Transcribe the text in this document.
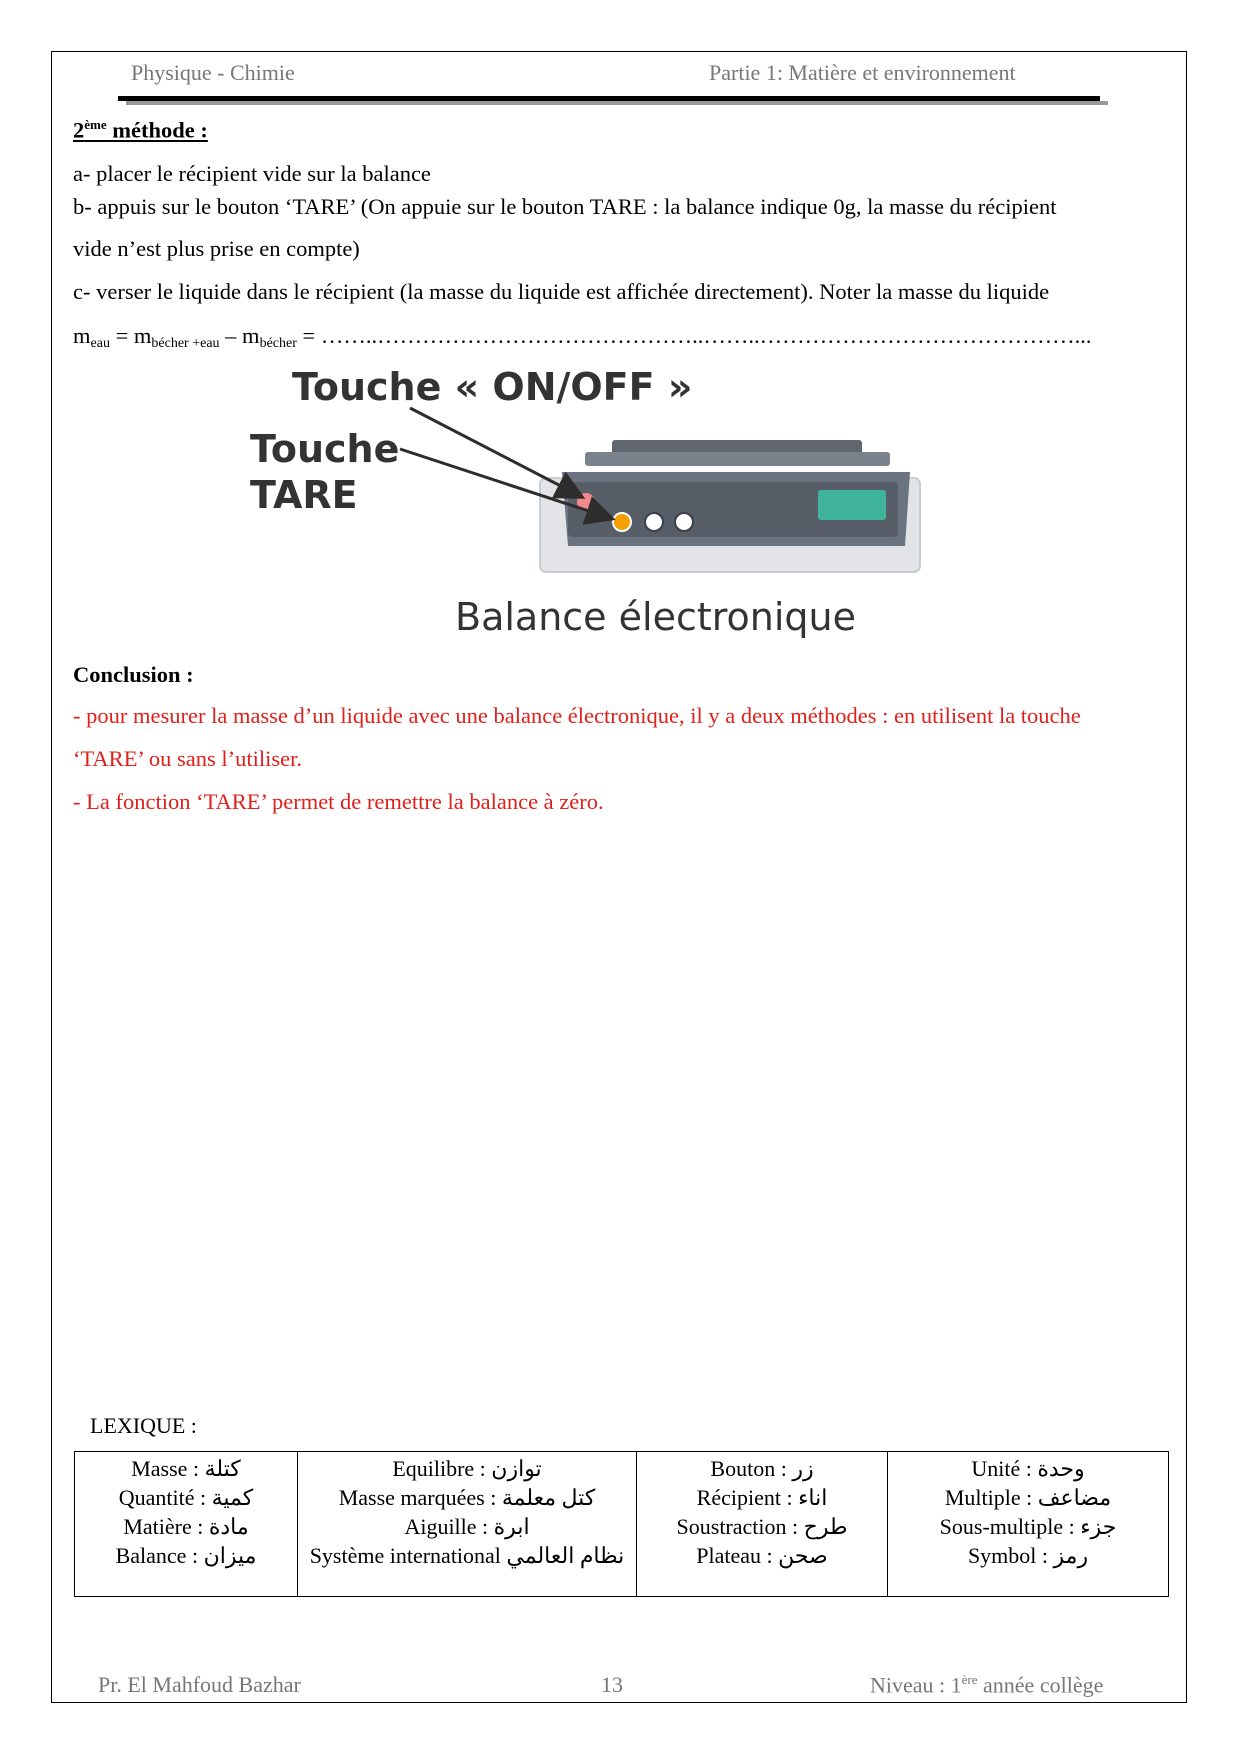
Physique - Chimie	Partie 1: Matière et environnement
2ème méthode :
a- placer le récipient vide sur la balance
b- appuis sur le bouton ‘TARE’ (On appuie sur le bouton TARE : la balance indique 0g, la masse du récipient
vide n’est plus prise en compte)
c- verser le liquide dans le récipient (la masse du liquide est affichée directement). Noter la masse du liquide
$m_{eau} = m_{bécher +eau} - m_{bécher}$ = ……..……………………………………..……..……………………………………...
Touche « ON/OFF »
Touche
TARE
Balance électronique
Conclusion :
- pour mesurer la masse d’un liquide avec une balance électronique, il y a deux méthodes : en utilisent la touche
‘TARE’ ou sans l’utiliser.
- La fonction ‘TARE’ permet de remettre la balance à zéro.
LEXIQUE :
Masse : كتلة
Quantité : كمية
Matière : مادة
Balance : ميزان

Equilibre : توازن
Masse marquées : كتل معلمة
Aiguille : ابرة
Système international نظام العالمي

Bouton : زر
Récipient : اناء
Soustraction : طرح
Plateau : صحن

Unité : وحدة
Multiple : مضاعف
Sous-multiple : جزء
Symbol : رمز
Pr. El Mahfoud Bazhar	13	Niveau : 1ère année collège
